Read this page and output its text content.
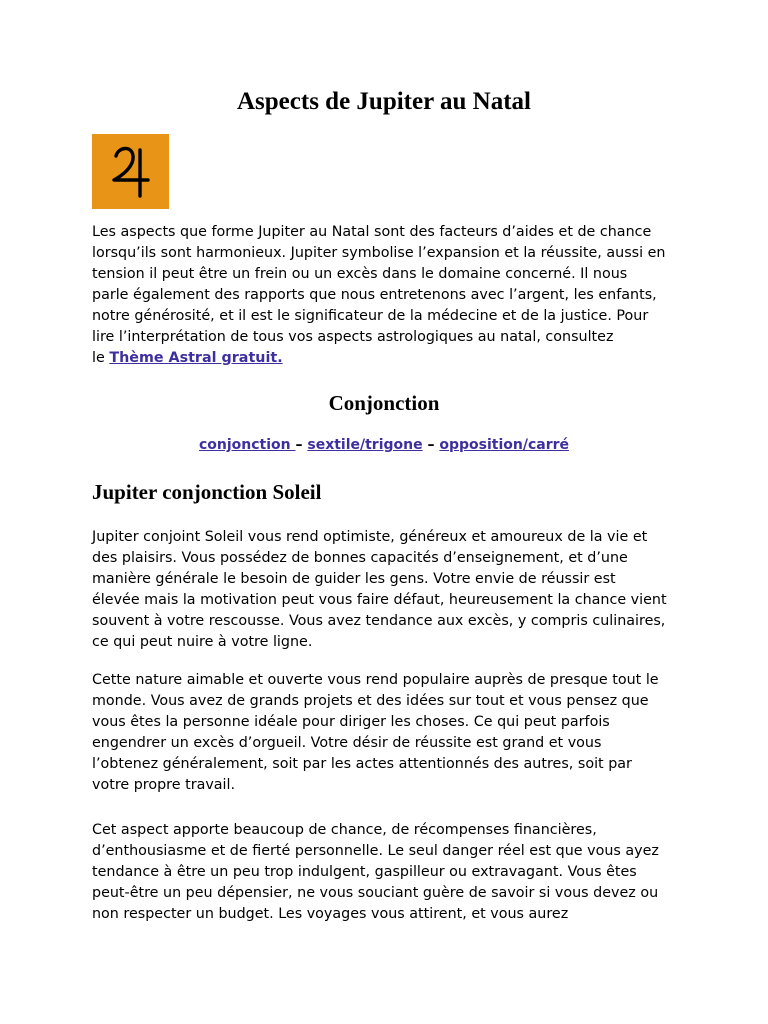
Aspects de Jupiter au Natal

Les aspects que forme Jupiter au Natal sont des facteurs d’aides et de chance
lorsqu’ils sont harmonieux. Jupiter symbolise l’expansion et la réussite, aussi en
tension il peut être un frein ou un excès dans le domaine concerné. Il nous
parle également des rapports que nous entretenons avec l’argent, les enfants,
notre générosité, et il est le significateur de la médecine et de la justice. Pour
lire l’interprétation de tous vos aspects astrologiques au natal, consultez
le Thème Astral gratuit.

Conjonction
conjonction – sextile/trigone – opposition/carré
Jupiter conjonction Soleil

Jupiter conjoint Soleil vous rend optimiste, généreux et amoureux de la vie et
des plaisirs. Vous possédez de bonnes capacités d’enseignement, et d’une
manière générale le besoin de guider les gens. Votre envie de réussir est
élevée mais la motivation peut vous faire défaut, heureusement la chance vient
souvent à votre rescousse. Vous avez tendance aux excès, y compris culinaires,
ce qui peut nuire à votre ligne.

Cette nature aimable et ouverte vous rend populaire auprès de presque tout le
monde. Vous avez de grands projets et des idées sur tout et vous pensez que
vous êtes la personne idéale pour diriger les choses. Ce qui peut parfois
engendrer un excès d’orgueil. Votre désir de réussite est grand et vous
l’obtenez généralement, soit par les actes attentionnés des autres, soit par
votre propre travail.

Cet aspect apporte beaucoup de chance, de récompenses financières,
d’enthousiasme et de fierté personnelle. Le seul danger réel est que vous ayez
tendance à être un peu trop indulgent, gaspilleur ou extravagant. Vous êtes
peut-être un peu dépensier, ne vous souciant guère de savoir si vous devez ou
non respecter un budget. Les voyages vous attirent, et vous aurez
